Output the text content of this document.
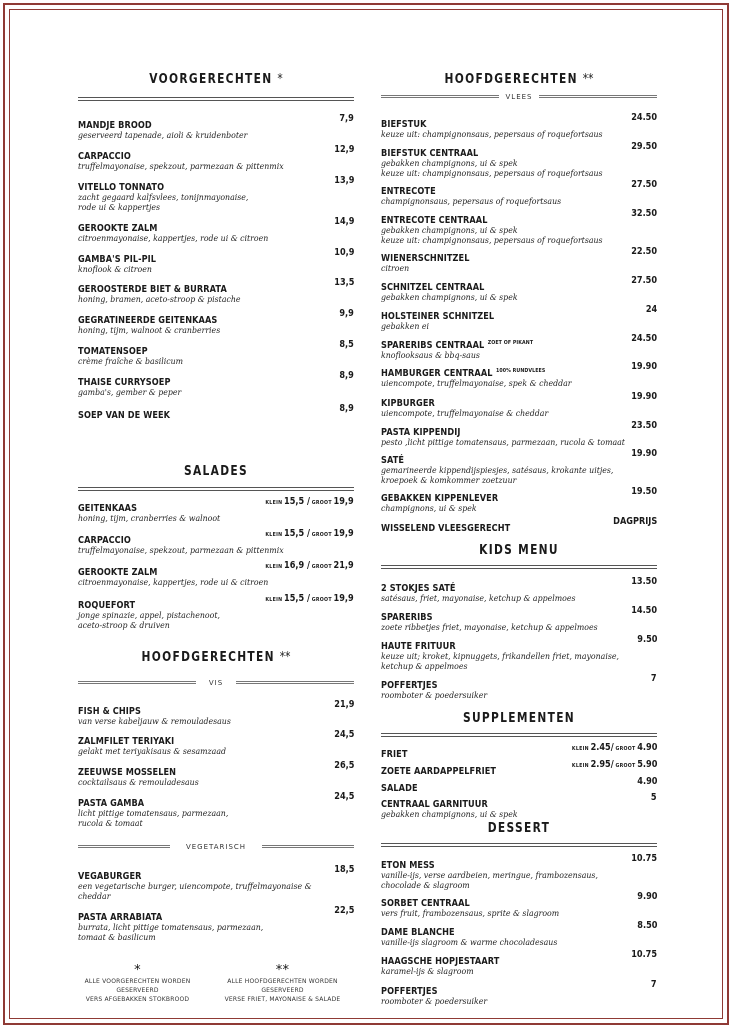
VOORGERECHTEN *
MANDJE BROOD
7,9
geserveerd tapenade, aioli & kruidenboter
CARPACCIO
12,9
truffelmayonaise, spekzout, parmezaan & pittenmix
VITELLO TONNATO
13,9
zacht gegaard kalfsvlees, tonijnmayonaise,
rode ui & kappertjes
GEROOKTE ZALM
14,9
citroenmayonaise, kappertjes, rode ui & citroen
GAMBA'S PIL-PIL
10,9
knoflook & citroen
GEROOSTERDE BIET & BURRATA
13,5
honing, bramen, aceto-stroop & pistache
GEGRATINEERDE GEITENKAAS
9,9
honing, tijm, walnoot & cranberries
TOMATENSOEP
8,5
crème fraîche & basilicum
THAISE CURRYSOEP
8,9
gamba's, gember & peper
SOEP VAN DE WEEK
8,9
SALADES
GEITENKAAS	KLEIN 15,5 / GROOT 19,9
honing, tijm, cranberries & walnoot
CARPACCIO	KLEIN 15,5 / GROOT 19,9
truffelmayonaise, spekzout, parmezaan & pittenmix
GEROOKTE ZALM	KLEIN 16,9 / GROOT 21,9
citroenmayonaise, kappertjes, rode ui & citroen
ROQUEFORT	KLEIN 15,5 / GROOT 19,9
jonge spinazie, appel, pistachenoot,
aceto-stroop & druiven
HOOFDGERECHTEN **
VIS
FISH & CHIPS
21,9
van verse kabeljauw & remouladesaus
ZALMFILET TERIYAKI
24,5
gelakt met teriyakisaus & sesamzaad
ZEEUWSE MOSSELEN
26,5
cocktailsaus & remouladesaus
PASTA GAMBA
24,5
licht pittige tomatensaus, parmezaan,
rucola & tomaat
VEGETARISCH
VEGABURGER
18,5
een vegetarische burger, uiencompote, truffelmayonaise &
cheddar
PASTA ARRABIATA
22,5
burrata, licht pittige tomatensaus, parmezaan,
tomaat & basilicum
*
ALLE VOORGERECHTEN WORDEN GESERVEERD
VERS AFGEBAKKEN STOKBROOD
**
ALLE HOOFDGERECHTEN WORDEN GESERVEERD
VERSE FRIET, MAYONAISE & SALADE
HOOFDGERECHTEN **
VLEES
BIEFSTUK
24.50
keuze uit: champignonsaus, pepersaus of roquefortsaus
BIEFSTUK CENTRAAL
29.50
gebakken champignons, ui & spek
keuze uit: champignonsaus, pepersaus of roquefortsaus
ENTRECOTE
27.50
champignonsaus, pepersaus of roquefortsaus
ENTRECOTE CENTRAAL
32.50
gebakken champignons, ui & spek
keuze uit: champignonsaus, pepersaus of roquefortsaus
WIENERSCHNITZEL
22.50
citroen
SCHNITZEL CENTRAAL
27.50
gebakken champignons, ui & spek
HOLSTEINER SCHNITZEL
24
gebakken ei
SPARERIBS CENTRAAL $^{ZOET OF PIKANT}$	24.50
knoflooksaus & bbq-saus
HAMBURGER CENTRAAL $^{100\% RUNDVLEES}$	19.90
uiencompote, truffelmayonaise, spek & cheddar
KIPBURGER
19.90
uiencompote, truffelmayonaise & cheddar
PASTA KIPPENDIJ
23.50
pesto ,licht pittige tomatensaus, parmezaan, rucola & tomaat
SATÉ
19.90
gemarineerde kippendijspiesjes, satésaus, krokante uitjes,
kroepoek & komkommer zoetzuur
GEBAKKEN KIPPENLEVER
19.50
champignons, ui & spek
WISSELEND VLEESGERECHT
DAGPRIJS
KIDS MENU
2 STOKJES SATÉ
13.50
satésaus, friet, mayonaise, ketchup & appelmoes
SPARERIBS
14.50
zoete ribbetjes friet, mayonaise, ketchup & appelmoes
HAUTE FRITUUR
9.50
keuze uit; kroket, kipnuggets, frikandellen friet, mayonaise,
ketchup & appelmoes
POFFERTJES
7
roomboter & poedersuiker
SUPPLEMENTEN
FRIET	KLEIN 2.45/ GROOT 4.90
ZOETE AARDAPPELFRIET	KLEIN 2.95/ GROOT 5.90
SALADE
4.90
CENTRAAL GARNITUUR
5
gebakken champignons, ui & spek
DESSERT
ETON MESS
10.75
vanille-ijs, verse aardbeien, meringue, frambozensaus,
chocolade & slagroom
SORBET CENTRAAL
9.90
vers fruit, frambozensaus, sprite & slagroom
DAME BLANCHE
8.50
vanille-ijs slagroom & warme chocoladesaus
HAAGSCHE HOPJESTAART
10.75
karamel-ijs & slagroom
POFFERTJES
7
roomboter & poedersuiker
